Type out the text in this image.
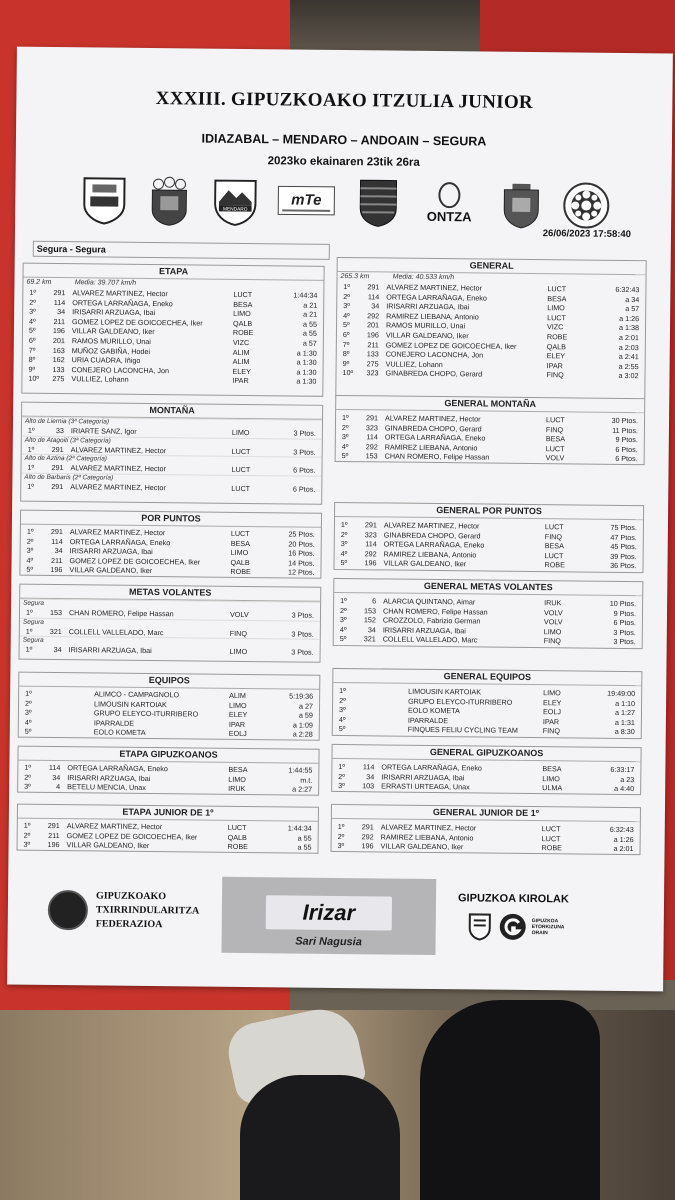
XXXIII. GIPUZKOAKO ITZULIA JUNIOR
IDIAZABAL – MENDARO – ANDOAIN – SEGURA
2023ko ekainaren 23tik 26ra
MENDARO
mTe
ONTZA
26/06/2023 17:58:40
Segura - Segura
ETAPA
69.2 km	Media: 39.707 km/h
1º	291 ALVAREZ MARTINEZ, Hector	LUCT	1:44:34
2º	114 ORTEGA LARRAÑAGA, Eneko	BESA	a 21
3º	34 IRISARRI ARZUAGA, Ibai	LIMO	a 21
4º	211 GOMEZ LOPEZ DE GOICOECHEA, Iker	QALB	a 55
5º	196 VILLAR GALDEANO, Iker	ROBE	a 55
6º	201 RAMOS MURILLO, Unai	VIZC	a 57
7º	163 MUÑOZ GABIÑA, Hodei	ALIM	a 1:30
8º	162 URIA CUADRA, Iñigo	ALIM	a 1:30
9º	133 CONEJERO LACONCHA, Jon	ELEY	a 1:30
10º	275 VULLIEZ, Lohann	IPAR	a 1:30
GENERAL
265.3 km	Media: 40.533 km/h
1º	291 ALVAREZ MARTINEZ, Hector	LUCT	6:32:43
2º	114 ORTEGA LARRAÑAGA, Eneko	BESA	a 34
3º	34 IRISARRI ARZUAGA, Ibai	LIMO	a 57
4º	292 RAMIREZ LIEBANA, Antonio	LUCT	a 1:26
5º	201 RAMOS MURILLO, Unai	VIZC	a 1:38
6º	196 VILLAR GALDEANO, Iker	ROBE	a 2:01
7º	211 GOMEZ LOPEZ DE GOICOECHEA, Iker	QALB	a 2:03
8º	133 CONEJERO LACONCHA, Jon	ELEY	a 2:41
9º	275 VULLIEZ, Lohann	IPAR	a 2:55
10º	323 GINABREDA CHOPO, Gerard	FINQ	a 3:02
MONTAÑA
Alto de Liernia (3ª Categoría)
1º	33 IRIARTE SANZ, Igor	LIMO	3 Ptos.
Alto de Atagoiti (3ª Categoría)
1º	291 ALVAREZ MARTINEZ, Hector	LUCT	3 Ptos.
Alto de Aztina (2ª Categoría)
1º	291 ALVAREZ MARTINEZ, Hector	LUCT	6 Ptos.
Alto de Barbaris (2ª Categoría)
1º	291 ALVAREZ MARTINEZ, Hector	LUCT	6 Ptos.
GENERAL MONTAÑA
1º	291 ALVAREZ MARTINEZ, Hector	LUCT	30 Ptos.
2º	323 GINABREDA CHOPO, Gerard	FINQ	11 Ptos.
3º	114 ORTEGA LARRAÑAGA, Eneko	BESA	9 Ptos.
4º	292 RAMIREZ LIEBANA, Antonio	LUCT	6 Ptos.
5º	153 CHAN ROMERO, Felipe Hassan	VOLV	6 Ptos.
POR PUNTOS
1º	291 ALVAREZ MARTINEZ, Hector	LUCT	25 Ptos.
2º	114 ORTEGA LARRAÑAGA, Eneko	BESA	20 Ptos.
3º	34 IRISARRI ARZUAGA, Ibai	LIMO	16 Ptos.
4º	211 GOMEZ LOPEZ DE GOICOECHEA, Iker	QALB	14 Ptos.
5º	196 VILLAR GALDEANO, Iker	ROBE	12 Ptos.
GENERAL POR PUNTOS
1º	291 ALVAREZ MARTINEZ, Hector	LUCT	75 Ptos.
2º	323 GINABREDA CHOPO, Gerard	FINQ	47 Ptos.
3º	114 ORTEGA LARRAÑAGA, Eneko	BESA	45 Ptos.
4º	292 RAMIREZ LIEBANA, Antonio	LUCT	39 Ptos.
5º	196 VILLAR GALDEANO, Iker	ROBE	36 Ptos.
METAS VOLANTES
Segura
1º	153 CHAN ROMERO, Felipe Hassan	VOLV	3 Ptos.
Segura
1º	321 COLLELL VALLELADO, Marc	FINQ	3 Ptos.
Segura
1º	34 IRISARRI ARZUAGA, Ibai	LIMO	3 Ptos.
GENERAL METAS VOLANTES
1º	6 ALARCIA QUINTANO, Aimar	IRUK	10 Ptos.
2º	153 CHAN ROMERO, Felipe Hassan	VOLV	9 Ptos.
3º	152 CROZZOLO, Fabrizio German	VOLV	6 Ptos.
4º	34 IRISARRI ARZUAGA, Ibai	LIMO	3 Ptos.
5º	321 COLLELL VALLELADO, Marc	FINQ	3 Ptos.
EQUIPOS
1º	ALIMCO - CAMPAGNOLO	ALIM	5:19:36
2º	LIMOUSIN KARTOIAK	LIMO	a 27
3º	GRUPO ELEYCO-ITURRIBERO	ELEY	a 59
4º	IPARRALDE	IPAR	a 1:09
5º	EOLO KOMETA	EOLJ	a 2:28
GENERAL EQUIPOS
1º	LIMOUSIN KARTOIAK	LIMO	19:49:00
2º	GRUPO ELEYCO-ITURRIBERO	ELEY	a 1:10
3º	EOLO KOMETA	EOLJ	a 1:27
4º	IPARRALDE	IPAR	a 1:31
5º	FINQUES FELIU CYCLING TEAM	FINQ	a 8:30
ETAPA GIPUZKOANOS
1º	114 ORTEGA LARRAÑAGA, Eneko	BESA	1:44:55
2º	34 IRISARRI ARZUAGA, Ibai	LIMO	m.t.
3º	4 BETELU MENCIA, Unax	IRUK	a 2:27
GENERAL GIPUZKOANOS
1º	114 ORTEGA LARRAÑAGA, Eneko	BESA	6:33:17
2º	34 IRISARRI ARZUAGA, Ibai	LIMO	a 23
3º	103 ERRASTI URTEAGA, Unax	ULMA	a 4:40
ETAPA JUNIOR DE 1º
1º	291 ALVAREZ MARTINEZ, Hector	LUCT	1:44:34
2º	211 GOMEZ LOPEZ DE GOICOECHEA, Iker	QALB	a 55
3º	196 VILLAR GALDEANO, Iker	ROBE	a 55
GENERAL JUNIOR DE 1º
1º	291 ALVAREZ MARTINEZ, Hector	LUCT	6:32:43
2º	292 RAMIREZ LIEBANA, Antonio	LUCT	a 1:26
3º	196 VILLAR GALDEANO, Iker	ROBE	a 2:01
GIPUZKOAKO
TXIRRINDULARITZA
FEDERAZIOA	Irizar
Sari Nagusia
GIPUZKOA KIROLAK
GIPUZKOA
ETORKIZUNA
ORAIN
